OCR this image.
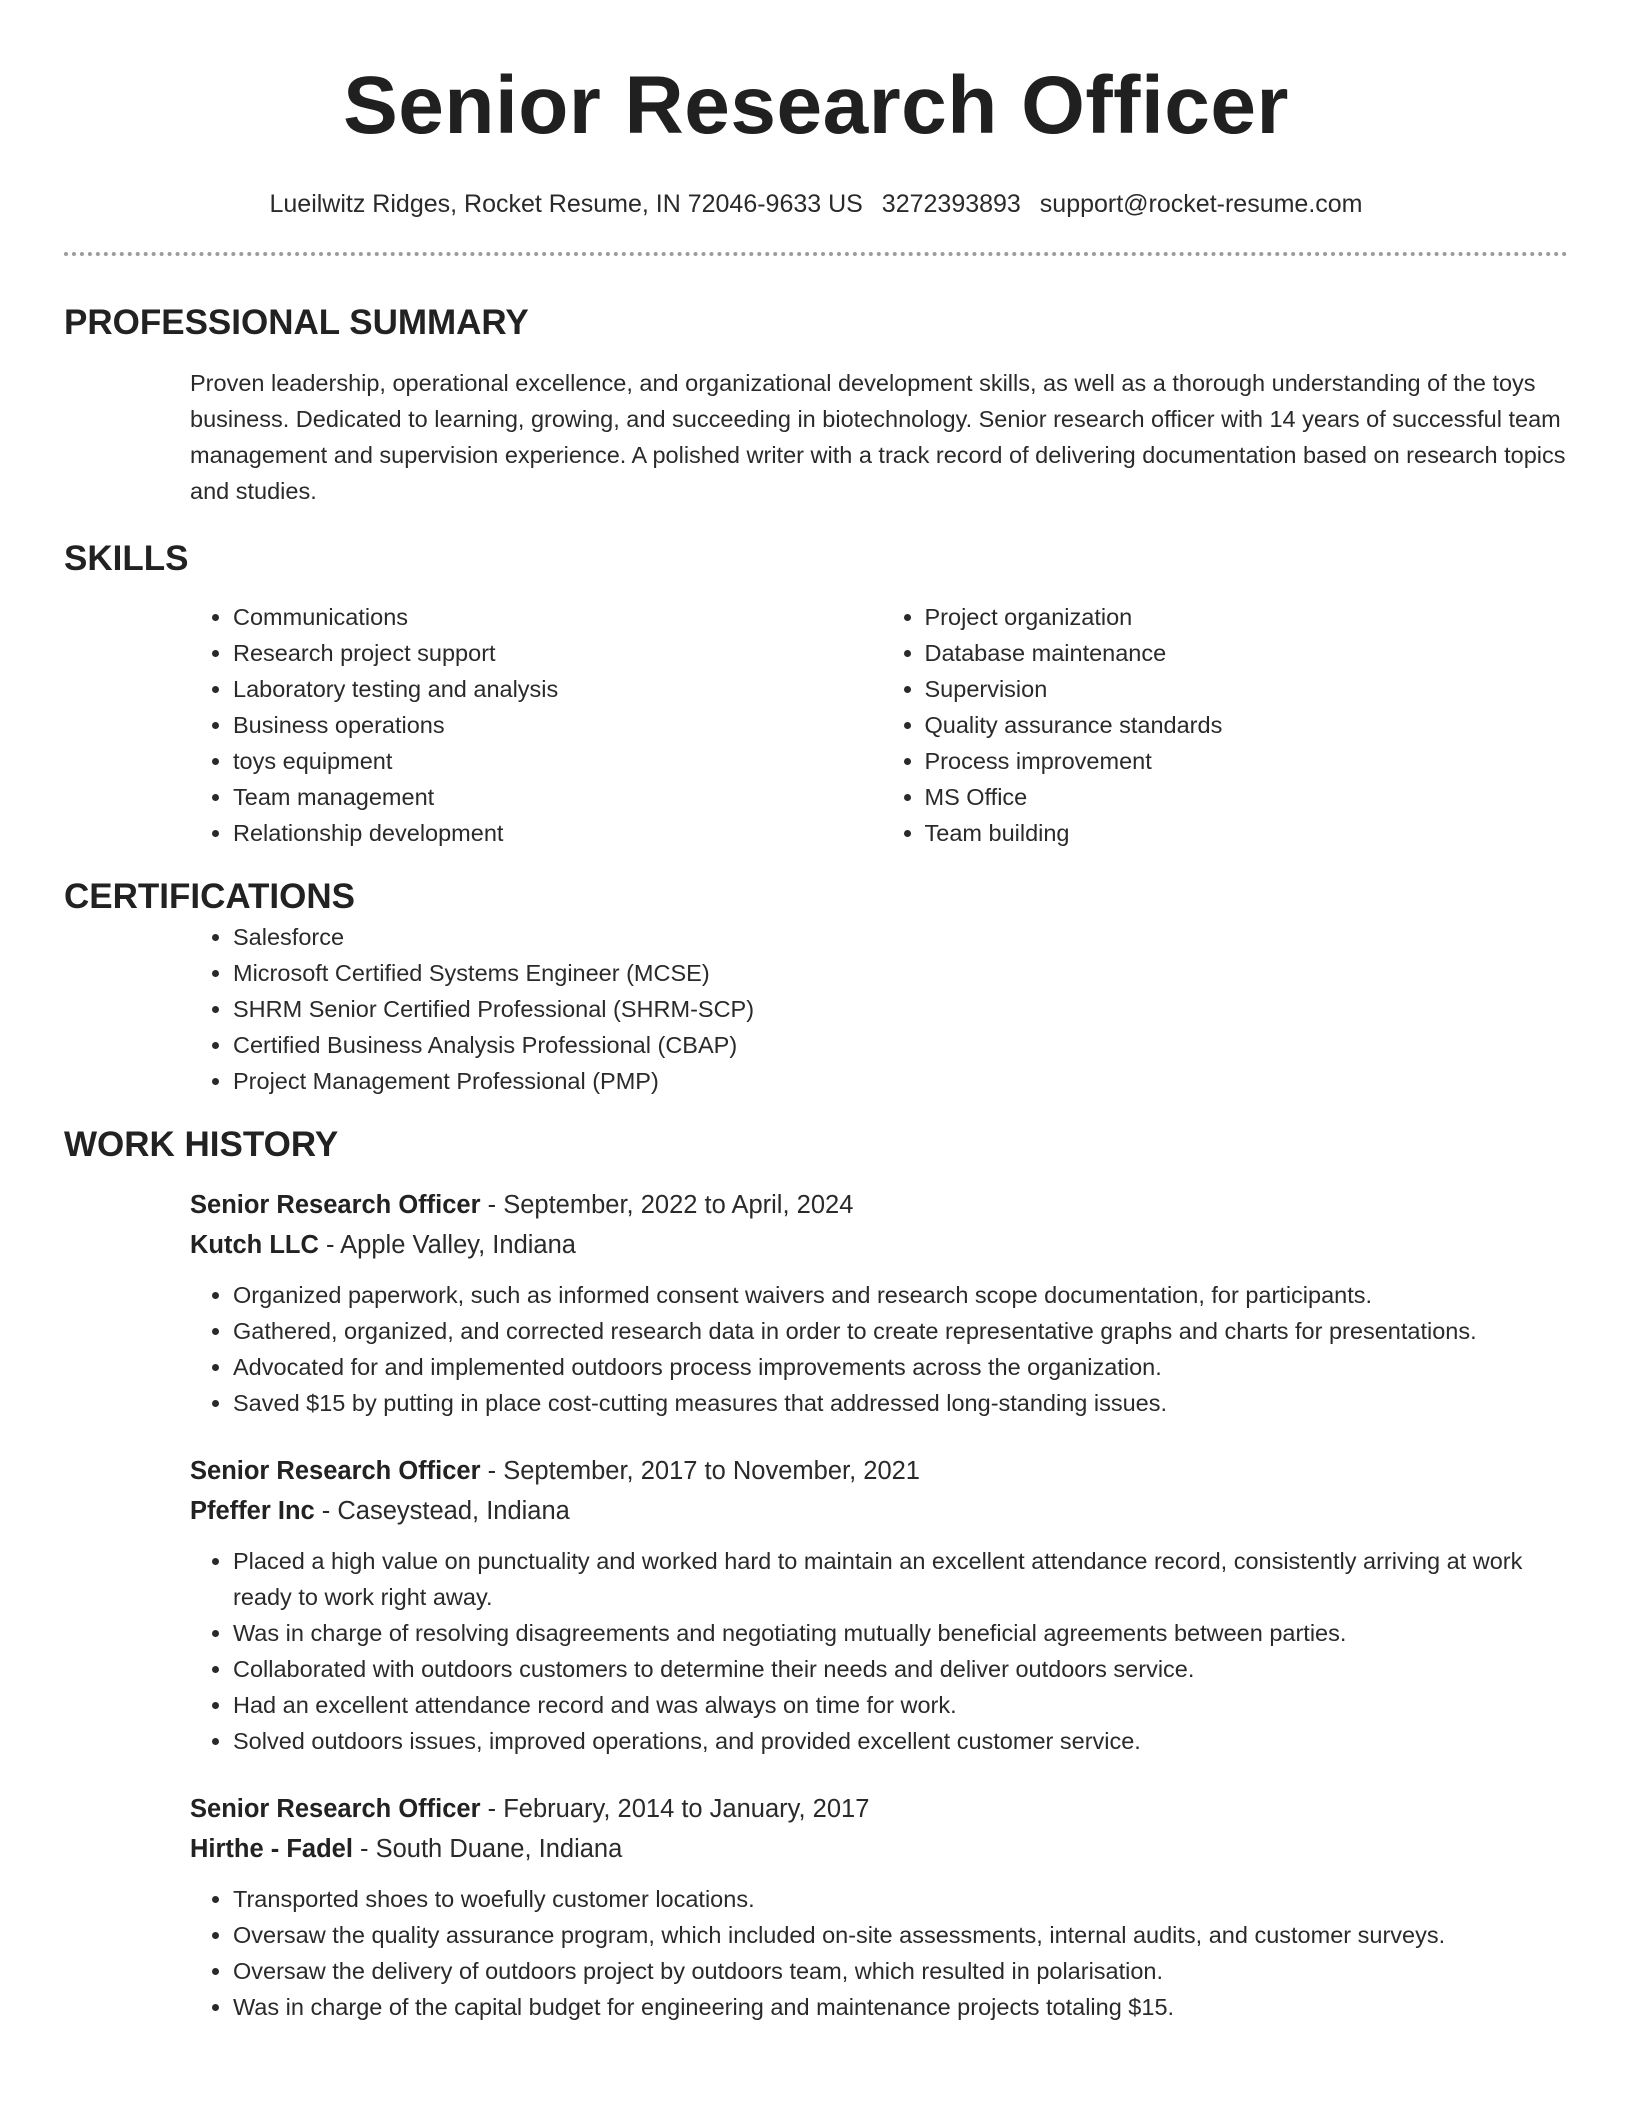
Senior Research Officer
Lueilwitz Ridges, Rocket Resume, IN 72046-9633 US 3272393893 support@rocket-resume.com
PROFESSIONAL SUMMARY

Proven leadership, operational excellence, and organizational development skills, as well as a thorough understanding of the toys business. Dedicated to learning, growing, and succeeding in biotechnology. Senior research officer with 14 years of successful team management and supervision experience. A polished writer with a track record of delivering documentation based on research topics and studies.

SKILLS
• Communications
• Research project support
• Laboratory testing and analysis
• Business operations
• toys equipment
• Team management
• Relationship development
• Project organization
• Database maintenance
• Supervision
• Quality assurance standards
• Process improvement
• MS Office
• Team building
CERTIFICATIONS
• Salesforce
• Microsoft Certified Systems Engineer (MCSE)
• SHRM Senior Certified Professional (SHRM-SCP)
• Certified Business Analysis Professional (CBAP)
• Project Management Professional (PMP)
WORK HISTORY
Senior Research Officer - September, 2022 to April, 2024
Kutch LLC - Apple Valley, Indiana
• Organized paperwork, such as informed consent waivers and research scope documentation, for participants.
• Gathered, organized, and corrected research data in order to create representative graphs and charts for presentations.
• Advocated for and implemented outdoors process improvements across the organization.
• Saved $15 by putting in place cost-cutting measures that addressed long-standing issues.
Senior Research Officer - September, 2017 to November, 2021
Pfeffer Inc - Caseystead, Indiana
• Placed a high value on punctuality and worked hard to maintain an excellent attendance record, consistently arriving at work ready to work right away.
• Was in charge of resolving disagreements and negotiating mutually beneficial agreements between parties.
• Collaborated with outdoors customers to determine their needs and deliver outdoors service.
• Had an excellent attendance record and was always on time for work.
• Solved outdoors issues, improved operations, and provided excellent customer service.
Senior Research Officer - February, 2014 to January, 2017
Hirthe - Fadel - South Duane, Indiana
• Transported shoes to woefully customer locations.
• Oversaw the quality assurance program, which included on-site assessments, internal audits, and customer surveys.
• Oversaw the delivery of outdoors project by outdoors team, which resulted in polarisation.
• Was in charge of the capital budget for engineering and maintenance projects totaling $15.
